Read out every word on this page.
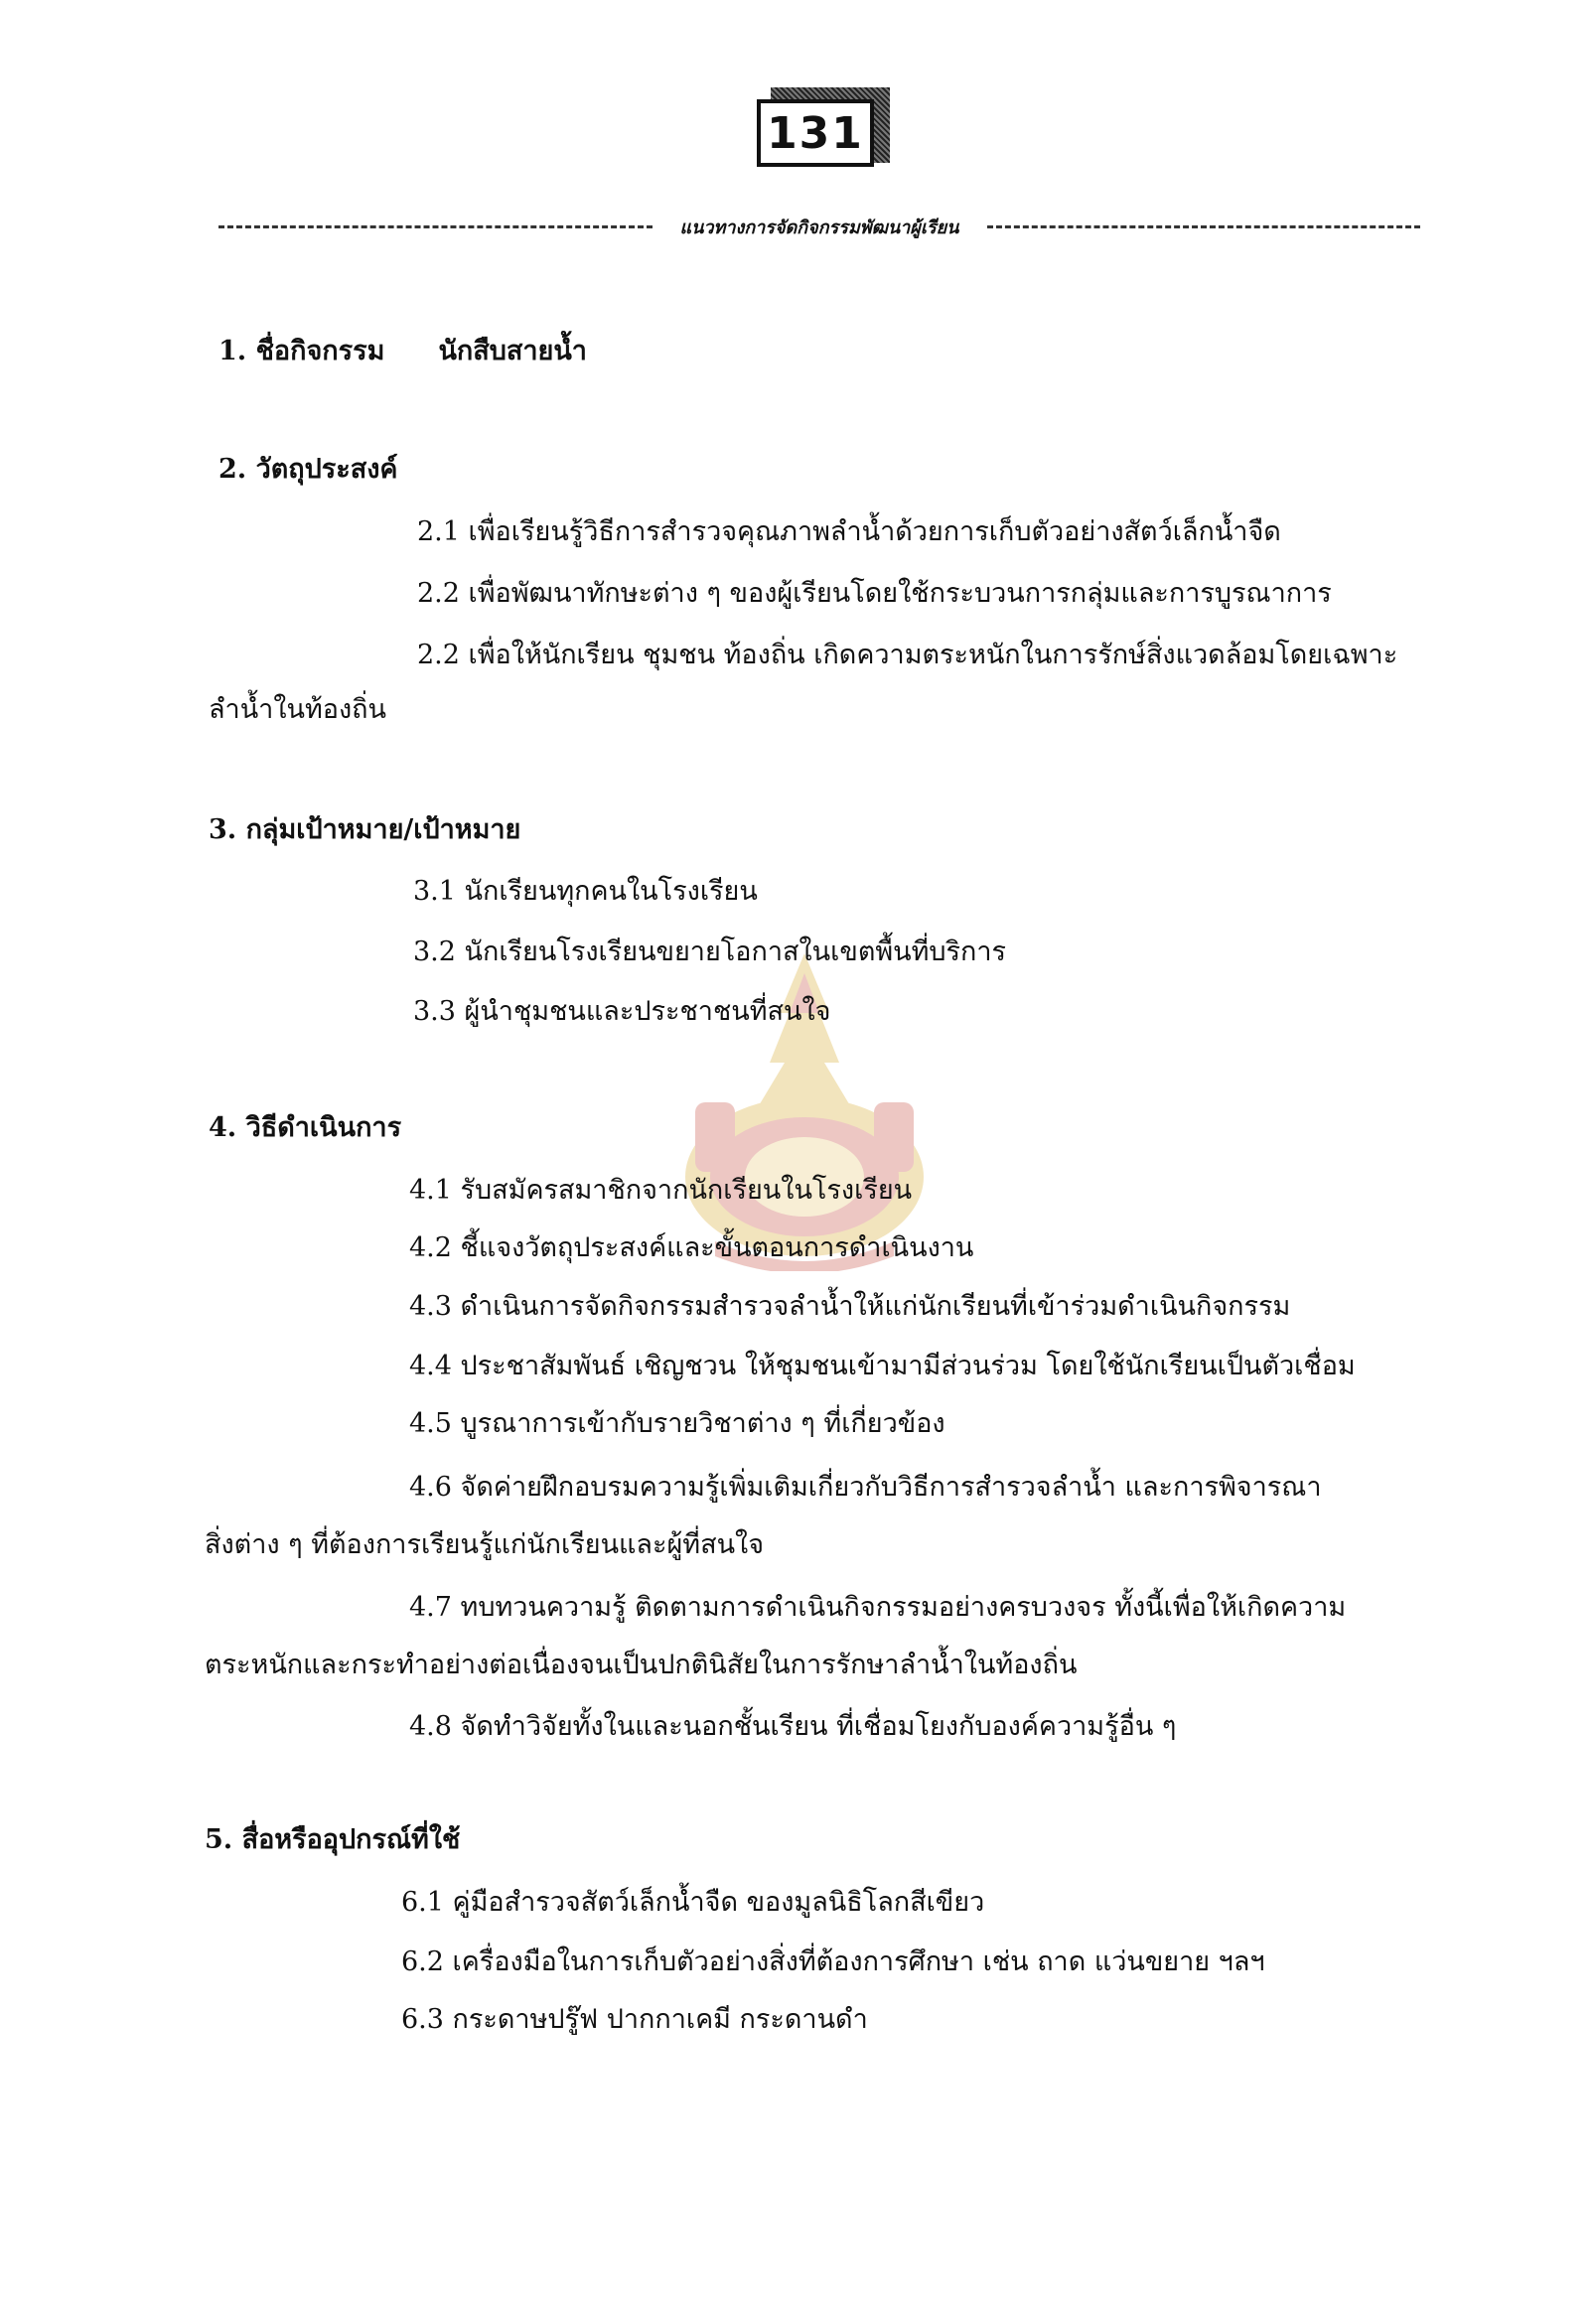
131
แนวทางการจัดกิจกรรมพัฒนาผู้เรียน
1. ชื่อกิจกรรม นักสืบสายน้ำ
2. วัตถุประสงค์
2.1 เพื่อเรียนรู้วิธีการสำรวจคุณภาพลำน้ำด้วยการเก็บตัวอย่างสัตว์เล็กน้ำจืด
2.2 เพื่อพัฒนาทักษะต่าง ๆ ของผู้เรียนโดยใช้กระบวนการกลุ่มและการบูรณาการ
2.2 เพื่อให้นักเรียน ชุมชน ท้องถิ่น เกิดความตระหนักในการรักษ์สิ่งแวดล้อมโดยเฉพาะ
ลำน้ำในท้องถิ่น
3. กลุ่มเป้าหมาย/เป้าหมาย
3.1 นักเรียนทุกคนในโรงเรียน
3.2 นักเรียนโรงเรียนขยายโอกาสในเขตพื้นที่บริการ
3.3 ผู้นำชุมชนและประชาชนที่สนใจ
4. วิธีดำเนินการ
4.1 รับสมัครสมาชิกจากนักเรียนในโรงเรียน
4.2 ชี้แจงวัตถุประสงค์และขั้นตอนการดำเนินงาน
4.3 ดำเนินการจัดกิจกรรมสำรวจลำน้ำให้แก่นักเรียนที่เข้าร่วมดำเนินกิจกรรม
4.4 ประชาสัมพันธ์ เชิญชวน ให้ชุมชนเข้ามามีส่วนร่วม โดยใช้นักเรียนเป็นตัวเชื่อม
4.5 บูรณาการเข้ากับรายวิชาต่าง ๆ ที่เกี่ยวข้อง
4.6 จัดค่ายฝึกอบรมความรู้เพิ่มเติมเกี่ยวกับวิธีการสำรวจลำน้ำ และการพิจารณา
สิ่งต่าง ๆ ที่ต้องการเรียนรู้แก่นักเรียนและผู้ที่สนใจ
4.7 ทบทวนความรู้ ติดตามการดำเนินกิจกรรมอย่างครบวงจร ทั้งนี้เพื่อให้เกิดความ
ตระหนักและกระทำอย่างต่อเนื่องจนเป็นปกตินิสัยในการรักษาลำน้ำในท้องถิ่น
4.8 จัดทำวิจัยทั้งในและนอกชั้นเรียน ที่เชื่อมโยงกับองค์ความรู้อื่น ๆ
5. สื่อหรืออุปกรณ์ที่ใช้
6.1 คู่มือสำรวจสัตว์เล็กน้ำจืด ของมูลนิธิโลกสีเขียว
6.2 เครื่องมือในการเก็บตัวอย่างสิ่งที่ต้องการศึกษา เช่น ถาด แว่นขยาย ฯลฯ
6.3 กระดาษปรู๊ฟ ปากกาเคมี กระดานดำ
